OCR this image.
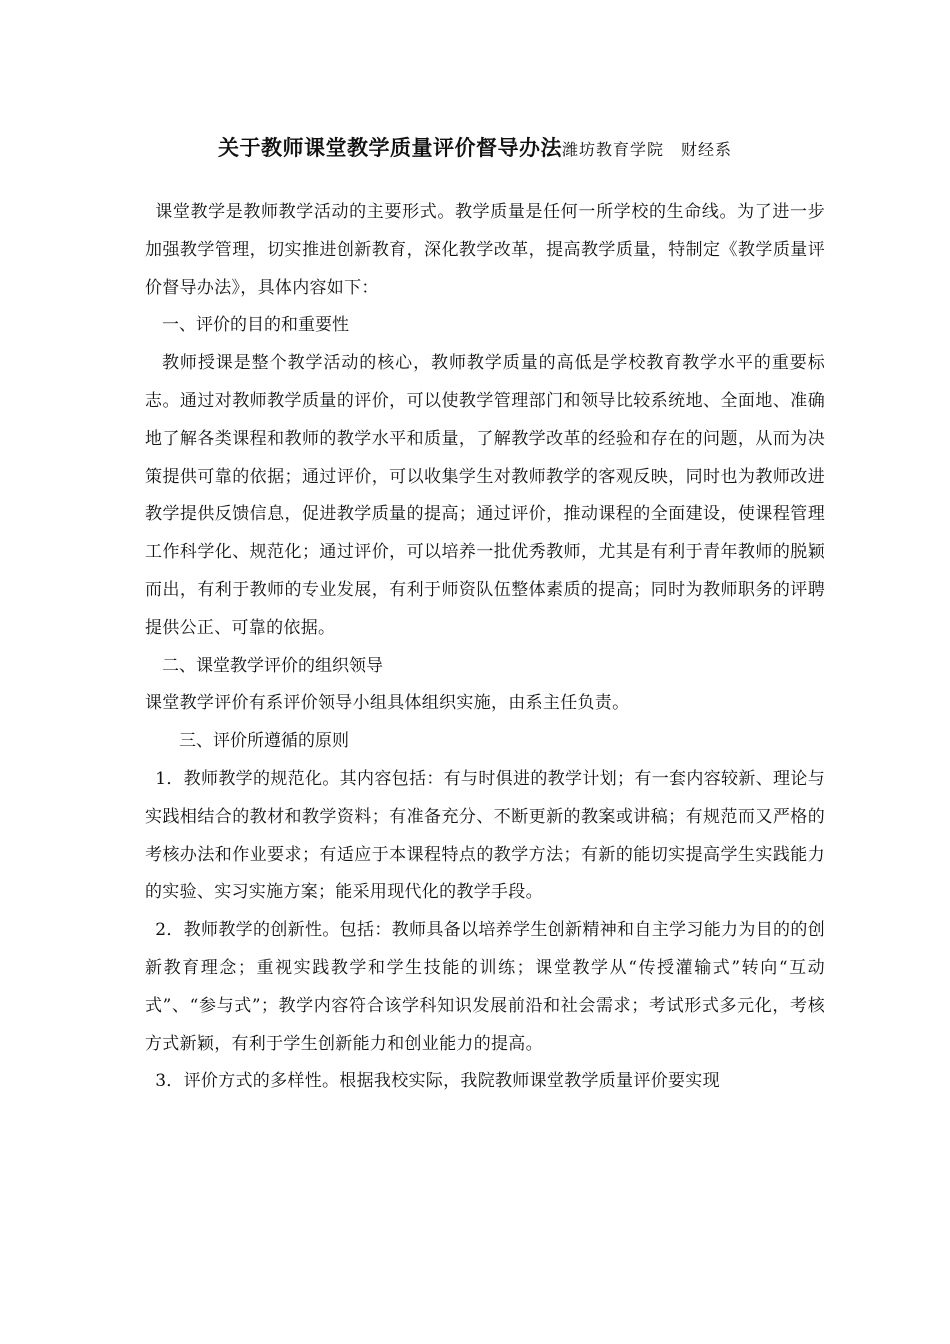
关于教师课堂教学质量评价督导办法潍坊教育学院　财经系

课堂教学是教师教学活动的主要形式。教学质量是任何一所学校的生命线。为了进一步加强教学管理，切实推进创新教育，深化教学改革，提高教学质量，特制定《教学质量评价督导办法》，具体内容如下：

一、评价的目的和重要性

教师授课是整个教学活动的核心，教师教学质量的高低是学校教育教学水平的重要标志。通过对教师教学质量的评价，可以使教学管理部门和领导比较系统地、全面地、准确地了解各类课程和教师的教学水平和质量，了解教学改革的经验和存在的问题，从而为决策提供可靠的依据；通过评价，可以收集学生对教师教学的客观反映，同时也为教师改进教学提供反馈信息，促进教学质量的提高；通过评价，推动课程的全面建设，使课程管理工作科学化、规范化；通过评价，可以培养一批优秀教师，尤其是有利于青年教师的脱颖而出，有利于教师的专业发展，有利于师资队伍整体素质的提高；同时为教师职务的评聘提供公正、可靠的依据。

二、课堂教学评价的组织领导

课堂教学评价有系评价领导小组具体组织实施，由系主任负责。

三、评价所遵循的原则

1．教师教学的规范化。其内容包括：有与时俱进的教学计划；有一套内容较新、理论与实践相结合的教材和教学资料；有准备充分、不断更新的教案或讲稿；有规范而又严格的考核办法和作业要求；有适应于本课程特点的教学方法；有新的能切实提高学生实践能力的实验、实习实施方案；能采用现代化的教学手段。

2．教师教学的创新性。包括：教师具备以培养学生创新精神和自主学习能力为目的的创新教育理念；重视实践教学和学生技能的训练；课堂教学从“传授灌输式”转向“互动式”、“参与式”；教学内容符合该学科知识发展前沿和社会需求；考试形式多元化，考核方式新颖，有利于学生创新能力和创业能力的提高。

3．评价方式的多样性。根据我校实际，我院教师课堂教学质量评价要实现
